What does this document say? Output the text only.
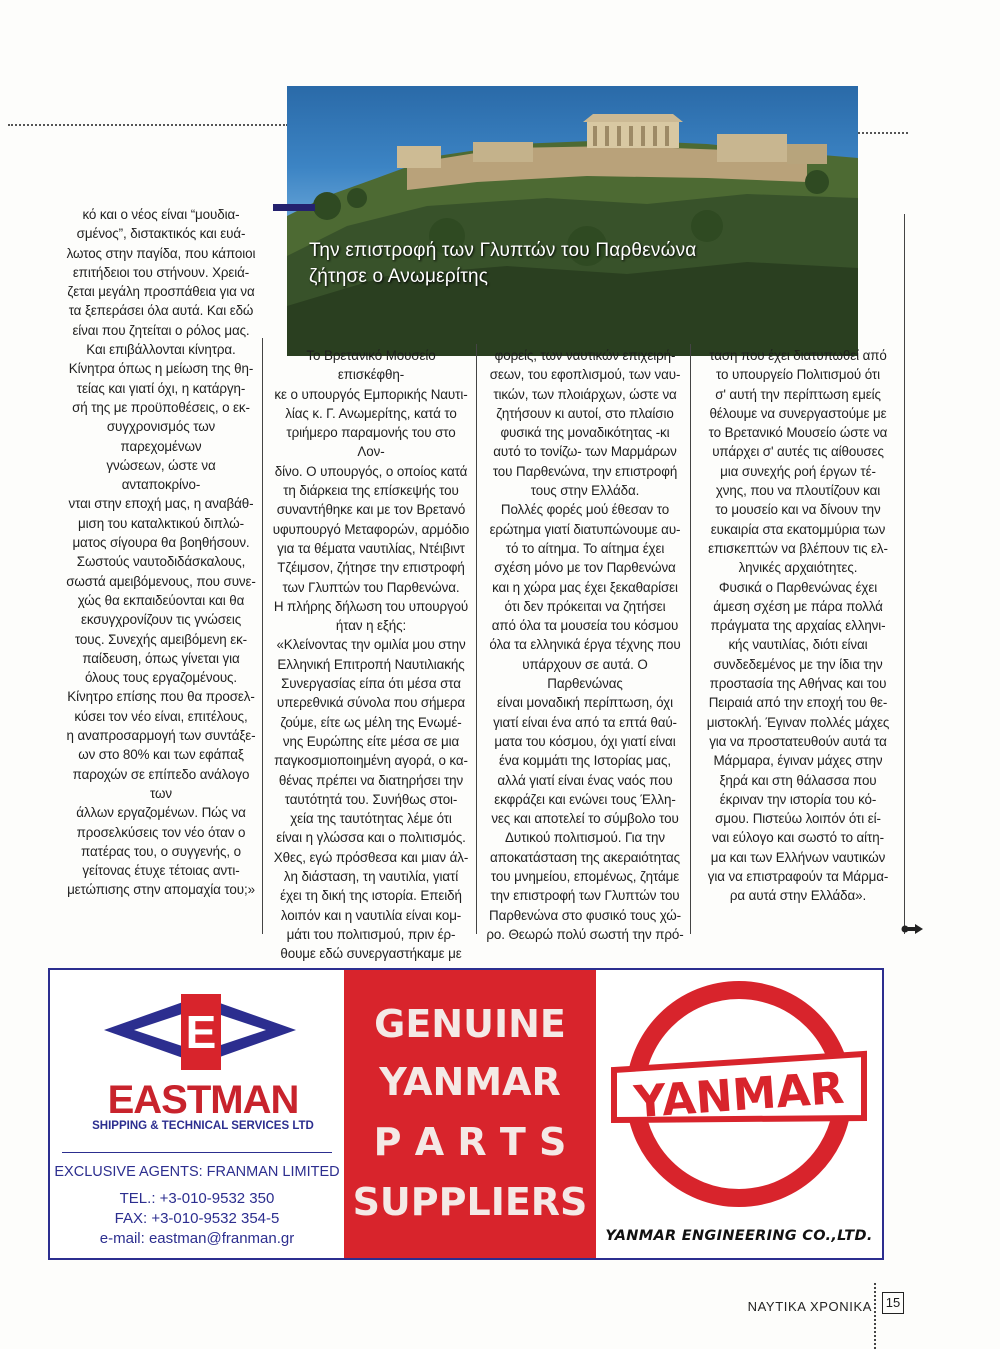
Την επιστροφή των Γλυπτών του Παρθενώνα
ζήτησε ο Ανωμερίτης

κό και ο νέος είναι “μουδια-

σμένος”, διστακτικός και ευά-

λωτος στην παγίδα, που κάποιοι

επιτήδειοι του στήνουν. Χρειά-

ζεται μεγάλη προσπάθεια για να

τα ξεπεράσει όλα αυτά. Και εδώ

είναι που ζητείται ο ρόλος μας.

Και επιβάλλονται κίνητρα.

Κίνητρα όπως η μείωση της θη-

τείας και γιατί όχι, η κατάργη-

σή της με προϋποθέσεις, ο εκ-

συγχρονισμός των παρεχομένων

γνώσεων, ώστε να ανταποκρίνο-

νται στην εποχή μας, η αναβάθ-

μιση του καταλκτικού διπλώ-

ματος σίγουρα θα βοηθήσουν.

Σωστούς ναυτοδιδάσκαλους,

σωστά αμειβόμενους, που συνε-

χώς θα εκπαιδεύονται και θα

εκσυγχρονίζουν τις γνώσεις

τους. Συνεχής αμειβόμενη εκ-

παίδευση, όπως γίνεται για

όλους τους εργαζομένους.

Κίνητρο επίσης που θα προσελ-

κύσει τον νέο είναι, επιτέλους,

η αναπροσαρμογή των συντάξε-

ων στο 80% και των εφάπαξ

παροχών σε επίπεδο ανάλογο των

άλλων εργαζομένων. Πώς να

προσελκύσεις τον νέο όταν ο

πατέρας του, ο συγγενής, ο

γείτονας έτυχε τέτοιας αντι-

μετώπισης στην απομαχία του;»

Το Βρετανικό Μουσείο επισκέφθη-

κε ο υπουργός Εμπορικής Ναυτι-

λίας κ. Γ. Ανωμερίτης, κατά το

τριήμερο παραμονής του στο Λον-

δίνο. Ο υπουργός, ο οποίος κατά

τη διάρκεια της επίσκεψής του

συναντήθηκε και με τον Βρετανό

υφυπουργό Μεταφορών, αρμόδιο

για τα θέματα ναυτιλίας, Ντέιβιντ

Τζέιμσον, ζήτησε την επιστροφή

των Γλυπτών του Παρθενώνα.

Η πλήρης δήλωση του υπουργού

ήταν η εξής:

«Κλείνοντας την ομιλία μου στην

Ελληνική Επιτροπή Ναυτιλιακής

Συνεργασίας είπα ότι μέσα στα

υπερεθνικά σύνολα που σήμερα

ζούμε, είτε ως μέλη της Ενωμέ-

νης Ευρώπης είτε μέσα σε μια

παγκοσμιοποιημένη αγορά, ο κα-

θένας πρέπει να διατηρήσει την

ταυτότητά του. Συνήθως στοι-

χεία της ταυτότητας λέμε ότι

είναι η γλώσσα και ο πολιτισμός.

Χθες, εγώ πρόσθεσα και μιαν άλ-

λη διάσταση, τη ναυτιλία, γιατί

έχει τη δική της ιστορία. Επειδή

λοιπόν και η ναυτιλία είναι κομ-

μάτι του πολιτισμού, πριν έρ-

θουμε εδώ συνεργαστήκαμε με

φορείς, των ναυτικών επιχειρή-

σεων, του εφοπλισμού, των ναυ-

τικών, των πλοιάρχων, ώστε να

ζητήσουν κι αυτοί, στο πλαίσιο

φυσικά της μοναδικότητας -κι

αυτό το τονίζω- των Μαρμάρων

του Παρθενώνα, την επιστροφή

τους στην Ελλάδα.

Πολλές φορές μού έθεσαν το

ερώτημα γιατί διατυπώνουμε αυ-

τό το αίτημα. Το αίτημα έχει

σχέση μόνο με τον Παρθενώνα

και η χώρα μας έχει ξεκαθαρίσει

ότι δεν πρόκειται να ζητήσει

από όλα τα μουσεία του κόσμου

όλα τα ελληνικά έργα τέχνης που

υπάρχουν σε αυτά. Ο Παρθενώνας

είναι μοναδική περίπτωση, όχι

γιατί είναι ένα από τα επτά θαύ-

ματα του κόσμου, όχι γιατί είναι

ένα κομμάτι της Ιστορίας μας,

αλλά γιατί είναι ένας ναός που

εκφράζει και ενώνει τους Έλλη-

νες και αποτελεί το σύμβολο του

Δυτικού πολιτισμού. Για την

αποκατάσταση της ακεραιότητας

του μνημείου, επομένως, ζητάμε

την επιστροφή των Γλυπτών του

Παρθενώνα στο φυσικό τους χώ-

ρο. Θεωρώ πολύ σωστή την πρό-

ταση που έχει διατυπωθεί από

το υπουργείο Πολιτισμού ότι

σ' αυτή την περίπτωση εμείς

θέλουμε να συνεργαστούμε με

το Βρετανικό Μουσείο ώστε να

υπάρχει σ' αυτές τις αίθουσες

μια συνεχής ροή έργων τέ-

χνης, που να πλουτίζουν και

το μουσείο και να δίνουν την

ευκαιρία στα εκατομμύρια των

επισκεπτών να βλέπουν τις ελ-

ληνικές αρχαιότητες.

Φυσικά ο Παρθενώνας έχει

άμεση σχέση με πάρα πολλά

πράγματα της αρχαίας ελληνι-

κής ναυτιλίας, διότι είναι

συνδεδεμένος με την ίδια την

προστασία της Αθήνας και του

Πειραιά από την εποχή του θε-

μιστοκλή. Έγιναν πολλές μάχες

για να προστατευθούν αυτά τα

Μάρμαρα, έγιναν μάχες στην

ξηρά και στη θάλασσα που

έκριναν την ιστορία του κό-

σμου. Πιστεύω λοιπόν ότι εί-

ναι εύλογο και σωστό το αίτη-

μα και των Ελλήνων ναυτικών

για να επιστραφούν τα Μάρμα-

ρα αυτά στην Ελλάδα».

E
EASTMAN
SHIPPING & TECHNICAL SERVICES LTD
EXCLUSIVE AGENTS: FRANMAN LIMITED
TEL.: +3-010-9532 350
FAX: +3-010-9532 354-5
e-mail: eastman@franman.gr
GENUINE
YANMAR
P A R T S
SUPPLIERS
YANMAR
YANMAR ENGINEERING CO.,LTD.
ΝΑΥΤΙΚΑ ΧΡΟΝΙΚΑ 15
